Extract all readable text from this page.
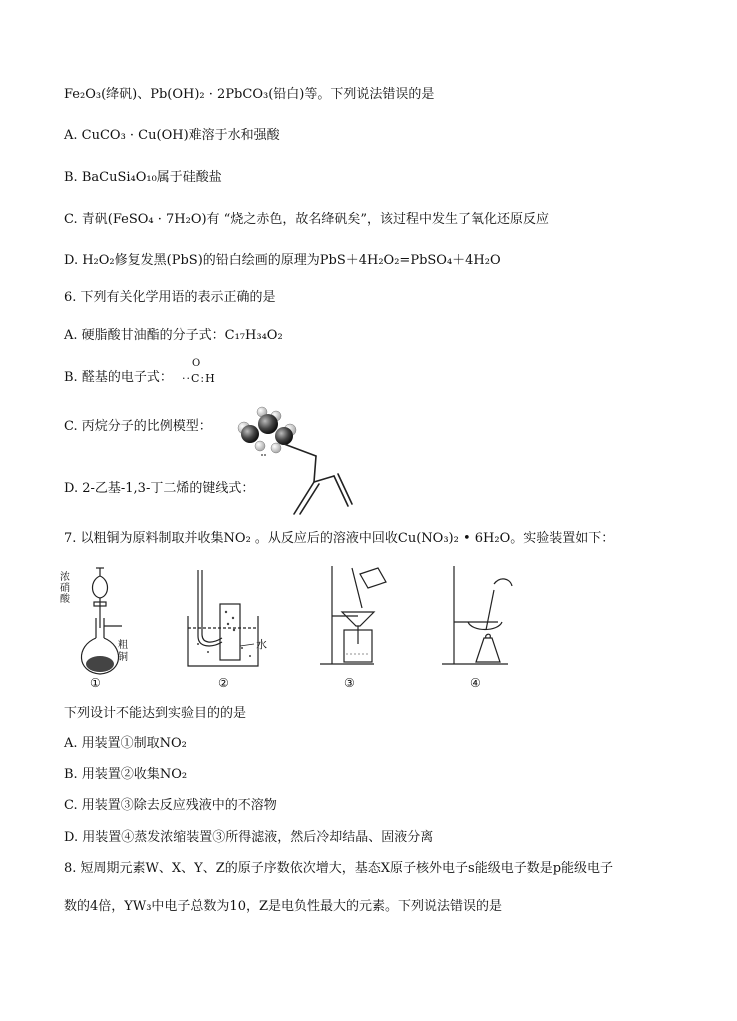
Fe₂O₃(绛矾)、Pb(OH)₂ · 2PbCO₃(铅白)等。下列说法错误的是
A. CuCO₃ · Cu(OH)难溶于水和强酸
B. BaCuSi₄O₁₀属于硅酸盐
C. 青矾(FeSO₄ · 7H₂O)有 “烧之赤色，故名绛矾矣”，该过程中发生了氧化还原反应
D. H₂O₂修复发黑(PbS)的铅白绘画的原理为PbS＋4H₂O₂=PbSO₄＋4H₂O
6. 下列有关化学用语的表示正确的是
A. 硬脂酸甘油酯的分子式：C₁₇H₃₄O₂
B. 醛基的电子式：
O
··C:H
C. 丙烷分子的比例模型：
D. 2-乙基-1,3-丁二烯的键线式：
7. 以粗铜为原料制取并收集NO₂ 。从反应后的溶液中回收Cu(NO₃)₂ • 6H₂O。实验装置如下：
浓硝酸
粗铜
①
水
②	③	④
下列设计不能达到实验目的的是
A. 用装置①制取NO₂
B. 用装置②收集NO₂
C. 用装置③除去反应残液中的不溶物
D. 用装置④蒸发浓缩装置③所得滤液，然后冷却结晶、固液分离
8. 短周期元素W、X、Y、Z的原子序数依次增大，基态X原子核外电子s能级电子数是p能级电子
数的4倍，YW₃中电子总数为10，Z是电负性最大的元素。下列说法错误的是
